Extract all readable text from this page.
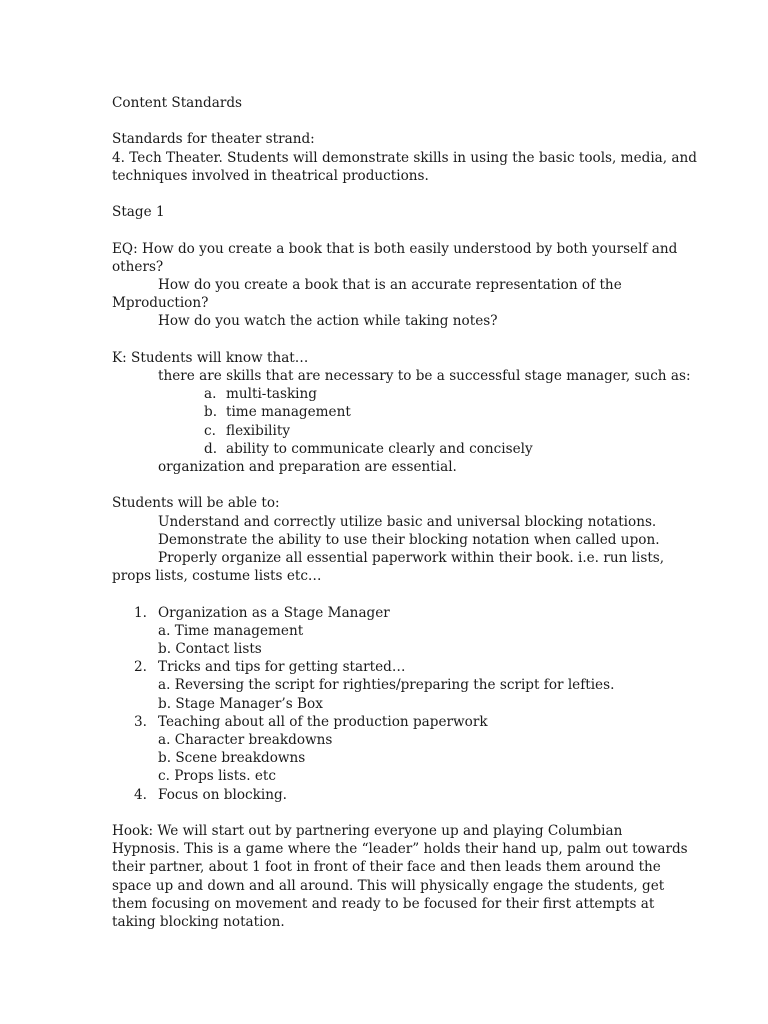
Content Standards
Standards for theater strand:
4. Tech Theater. Students will demonstrate skills in using the basic tools, media, and
techniques involved in theatrical productions.
Stage 1
EQ: How do you create a book that is both easily understood by both yourself and
others?
How do you create a book that is an accurate representation of the
Mproduction?
How do you watch the action while taking notes?
K: Students will know that…
there are skills that are necessary to be a successful stage manager, such as:
a. multi-tasking
b. time management
c. flexibility
d. ability to communicate clearly and concisely
organization and preparation are essential.
Students will be able to:
Understand and correctly utilize basic and universal blocking notations.
Demonstrate the ability to use their blocking notation when called upon.
Properly organize all essential paperwork within their book. i.e. run lists,
props lists, costume lists etc…
1. Organization as a Stage Manager
a. Time management
b. Contact lists
2. Tricks and tips for getting started…
a. Reversing the script for righties/preparing the script for lefties.
b. Stage Manager’s Box
3. Teaching about all of the production paperwork
a. Character breakdowns
b. Scene breakdowns
c. Props lists. etc
4. Focus on blocking.
Hook: We will start out by partnering everyone up and playing Columbian
Hypnosis. This is a game where the “leader” holds their hand up, palm out towards
their partner, about 1 foot in front of their face and then leads them around the
space up and down and all around. This will physically engage the students, get
them focusing on movement and ready to be focused for their first attempts at
taking blocking notation.
